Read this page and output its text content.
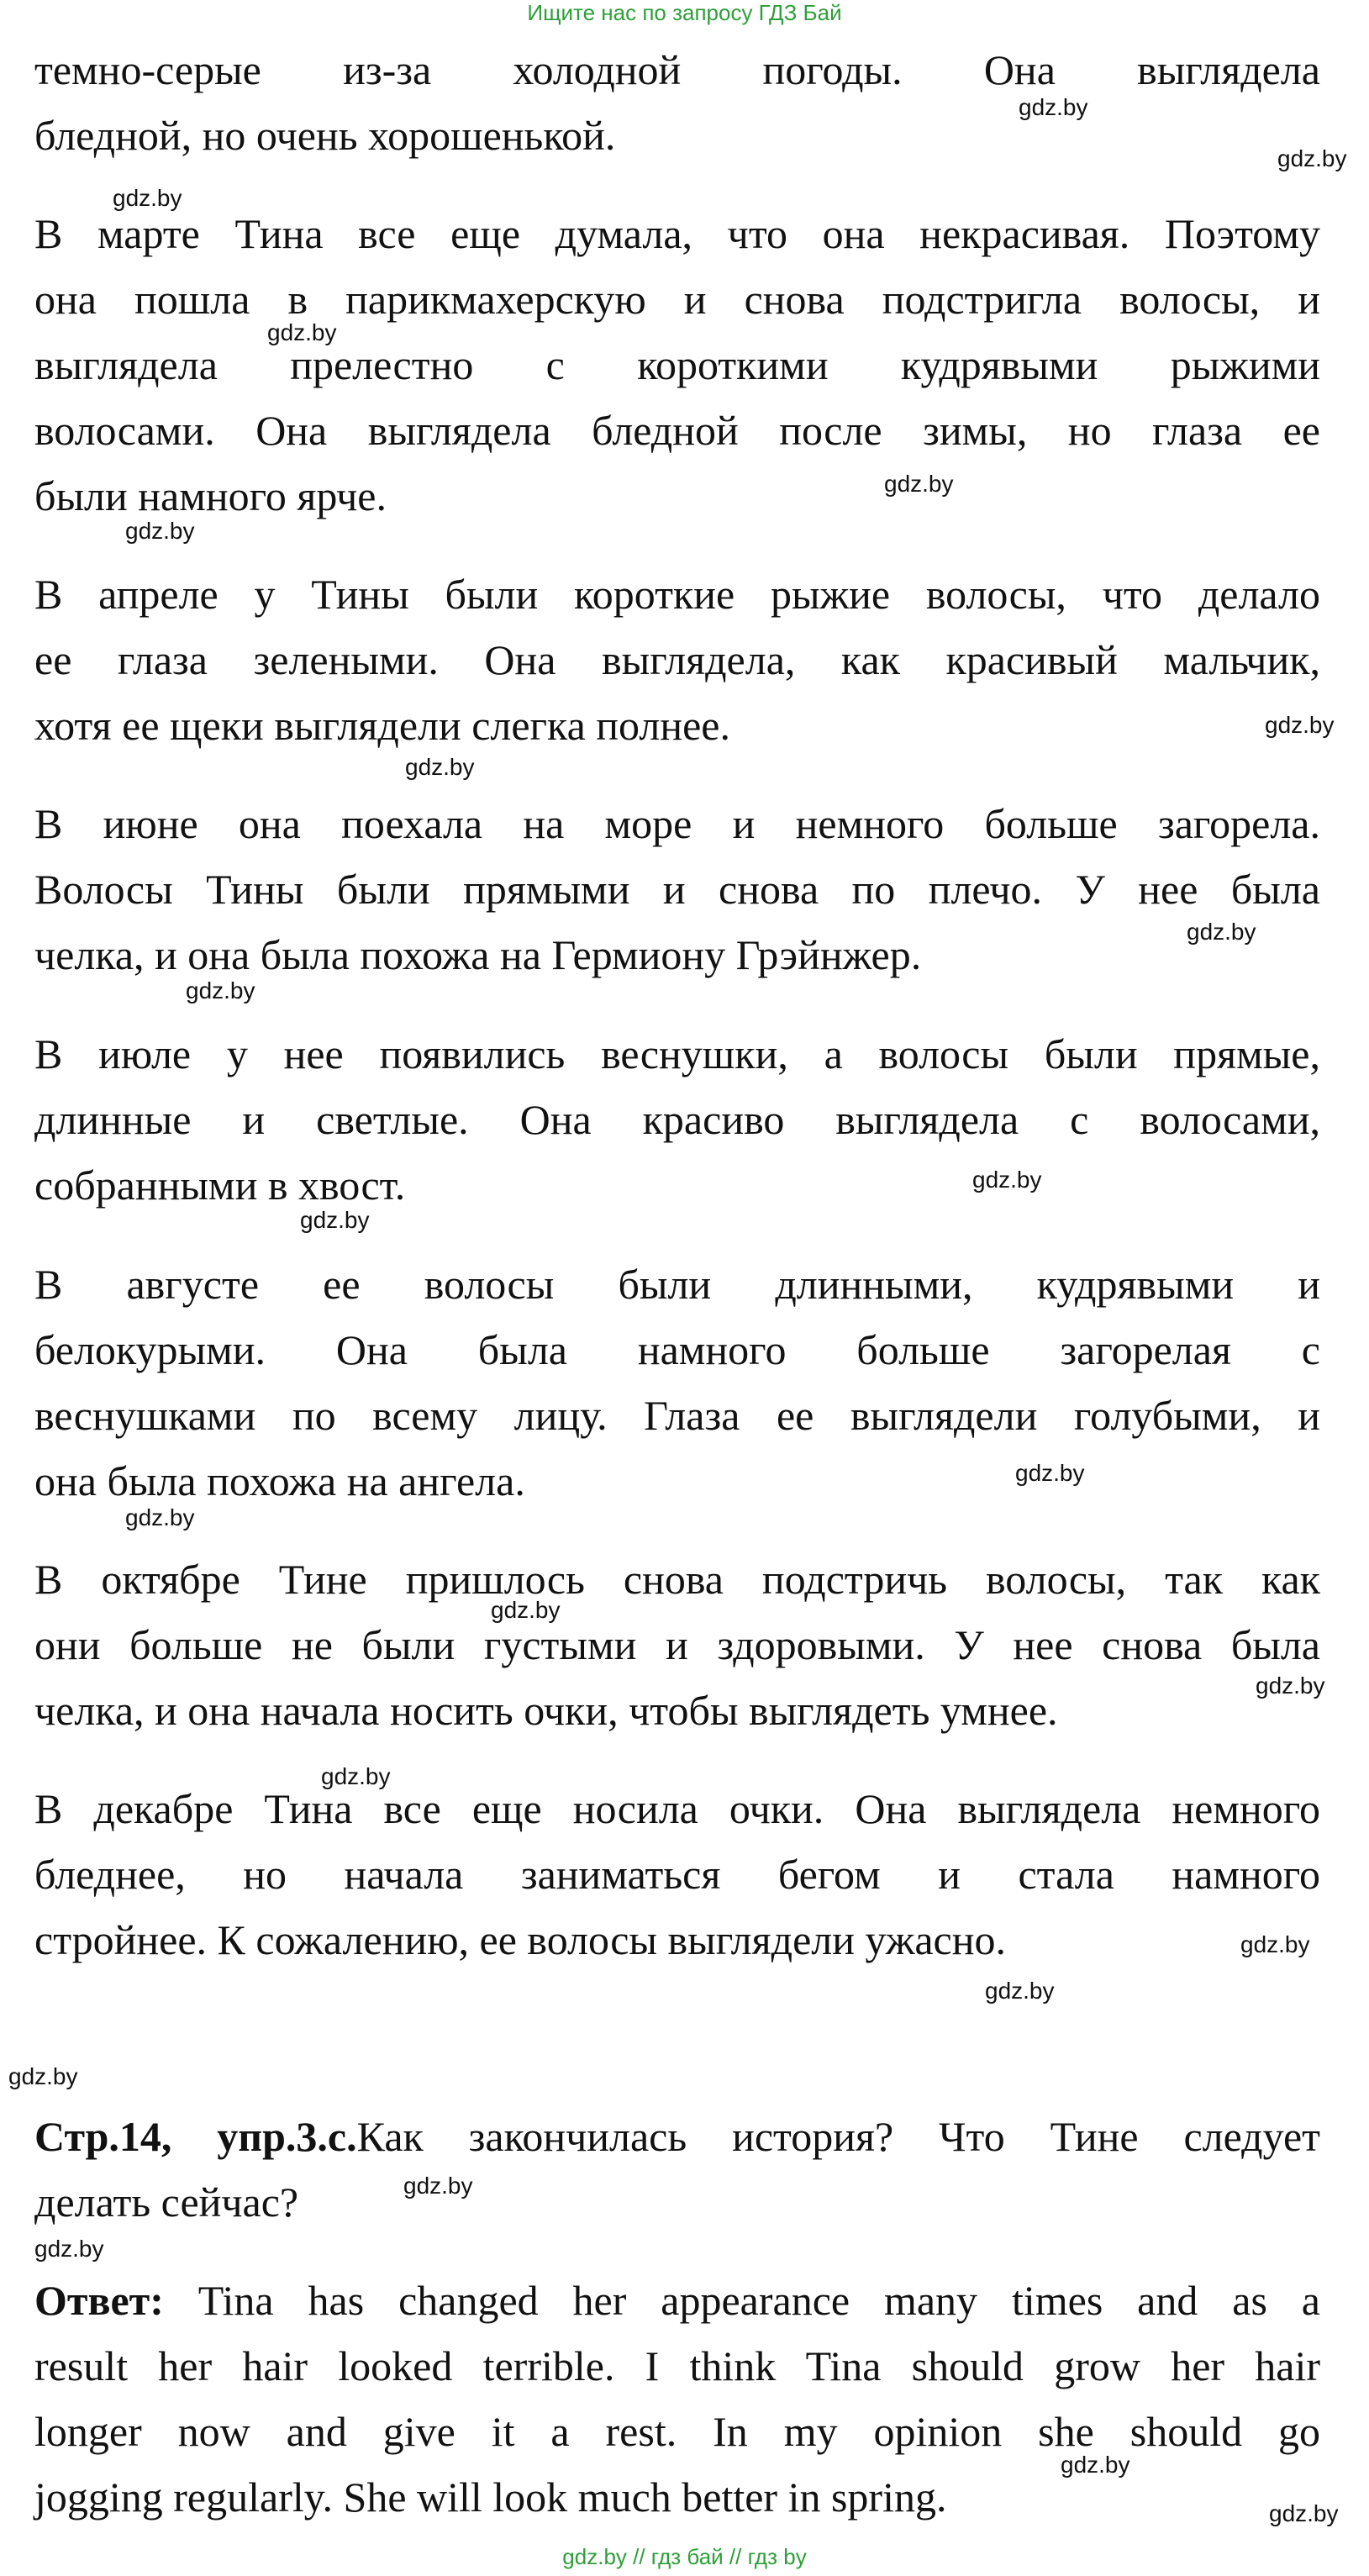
Ищите нас по запросу ГДЗ Бай
темно-серые из-за холодной погоды. Она выглядела
бледной, но очень хорошенькой.
В марте Тина все еще думала, что она некрасивая. Поэтому
она пошла в парикмахерскую и снова подстригла волосы, и
выглядела прелестно с короткими кудрявыми рыжими
волосами. Она выглядела бледной после зимы, но глаза ее
были намного ярче.
В апреле у Тины были короткие рыжие волосы, что делало
ее глаза зелеными. Она выглядела, как красивый мальчик,
хотя ее щеки выглядели слегка полнее.
В июне она поехала на море и немного больше загорела.
Волосы Тины были прямыми и снова по плечо. У нее была
челка, и она была похожа на Гермиону Грэйнжер.
В июле у нее появились веснушки, а волосы были прямые,
длинные и светлые. Она красиво выглядела с волосами,
собранными в хвост.
В августе ее волосы были длинными, кудрявыми и
белокурыми. Она была намного больше загорелая с
веснушками по всему лицу. Глаза ее выглядели голубыми, и
она была похожа на ангела.
В октябре Тине пришлось снова подстричь волосы, так как
они больше не были густыми и здоровыми. У нее снова была
челка, и она начала носить очки, чтобы выглядеть умнее.
В декабре Тина все еще носила очки. Она выглядела немного
бледнее, но начала заниматься бегом и стала намного
стройнее. К сожалению, ее волосы выглядели ужасно.
Стр.14, упр.3.с.Как закончилась история? Что Тине следует
делать сейчас?
Ответ: Tina has changed her appearance many times and as a
result her hair looked terrible. I think Tina should grow her hair
longer now and give it a rest. In my opinion she should go
jogging regularly. She will look much better in spring.
gdz.by
gdz.by
gdz.by
gdz.by
gdz.by
gdz.by
gdz.by
gdz.by
gdz.by
gdz.by
gdz.by
gdz.by
gdz.by
gdz.by
gdz.by
gdz.by
gdz.by
gdz.by
gdz.by
gdz.by
gdz.by
gdz.by
gdz.by
gdz.by
gdz.by // гдз бай // гдз by
